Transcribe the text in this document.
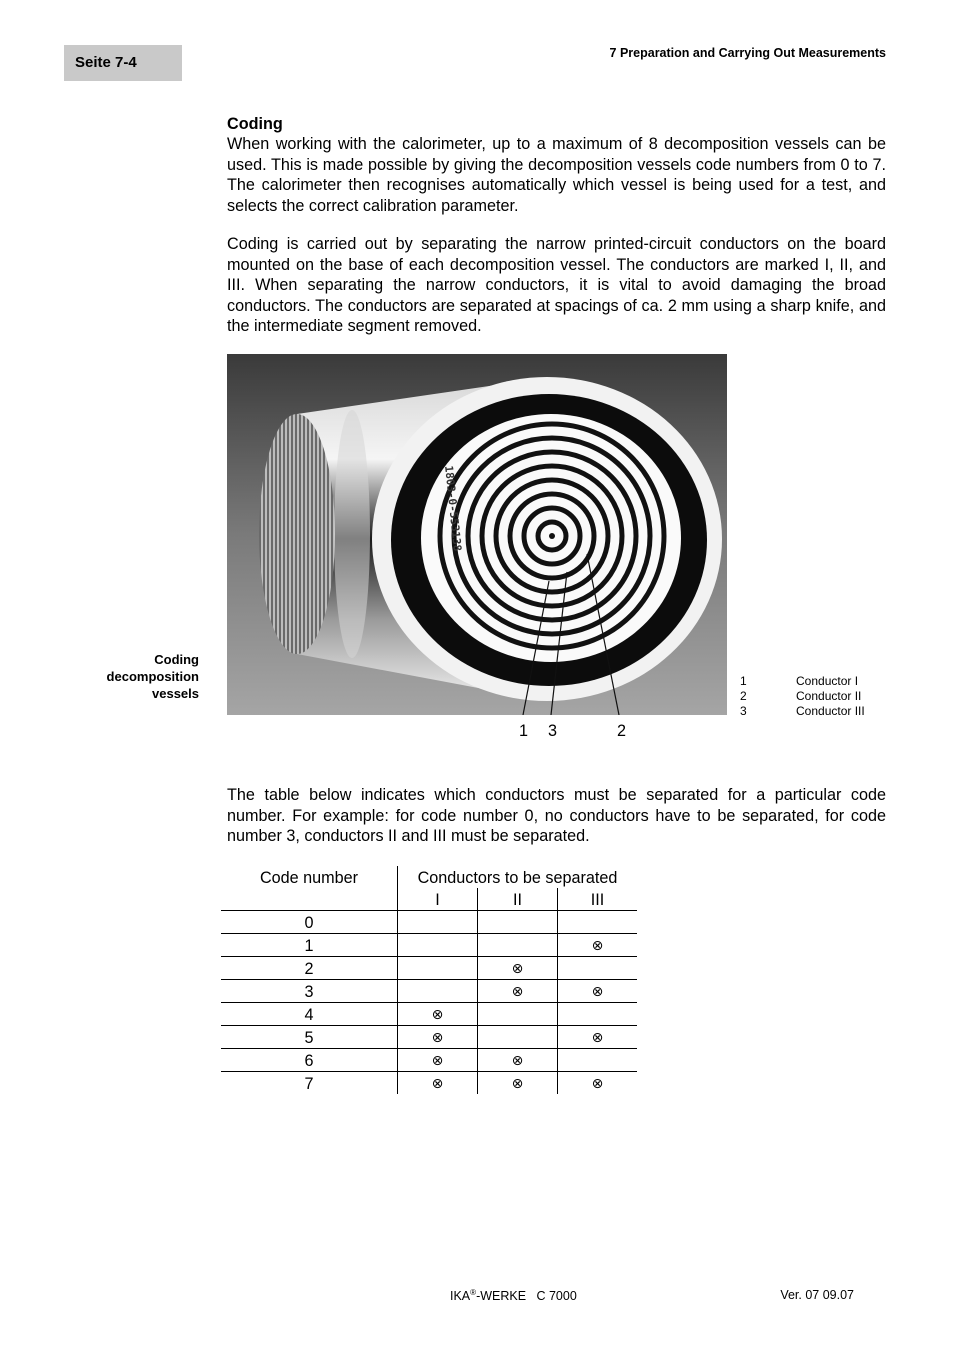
Seite 7-4
7 Preparation and Carrying Out Measurements
Coding
When working with the calorimeter, up to a maximum of 8 decomposition vessels can be used. This is made possible by giving the decomposition vessels code numbers from 0 to 7. The calorimeter then recognises automatically which vessel is being used for a test, and selects the correct calibration parameter.
Coding is carried out by separating the narrow printed-circuit conductors on the board mounted on the base of each decomposition vessel. The conductors are marked I, II, and III. When separating the narrow conductors, it is vital to avoid damaging the broad conductors. The conductors are separated at spacings of ca. 2 mm using a sharp knife, and the intermediate segment removed.
Coding
decomposition
vessels
1803-0-553138
1 3	2
1	Conductor I
2	Conductor II
3	Conductor III
The table below indicates which conductors must be separated for a particular code number. For example: for code number 0, no conductors have to be separated, for code number 3, conductors II and III must be separated.
Code number	Conductors to be separated		
	I	II	III
0			
1			⊗
2		⊗	
3		⊗	⊗
4	⊗		
5	⊗		⊗
6	⊗	⊗	
7	⊗	⊗	⊗
IKA®-WERKE   C 7000	Ver. 07 09.07
